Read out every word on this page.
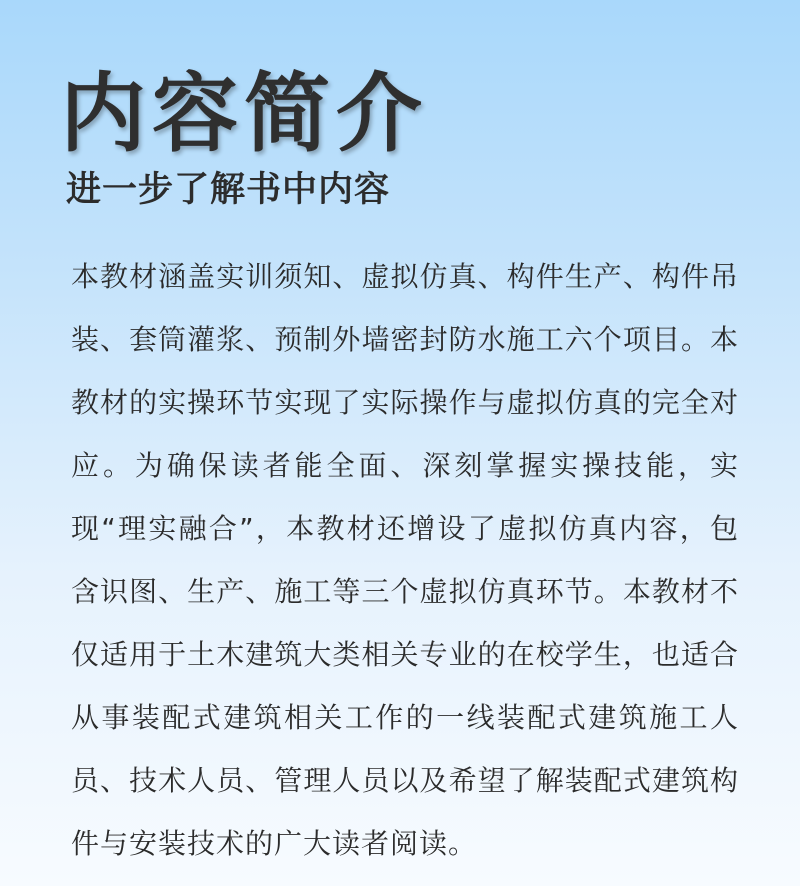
内容简介
进一步了解书中内容

本教材涵盖实训须知、虚拟仿真、构件生产、构件吊装、套筒灌浆、预制外墙密封防水施工六个项目。本教材的实操环节实现了实际操作与虚拟仿真的完全对应。为确保读者能全面、深刻掌握实操技能，实现“理实融合”，本教材还增设了虚拟仿真内容，包含识图、生产、施工等三个虚拟仿真环节。本教材不仅适用于土木建筑大类相关专业的在校学生，也适合从事装配式建筑相关工作的一线装配式建筑施工人员、技术人员、管理人员以及希望了解装配式建筑构件与安装技术的广大读者阅读。
